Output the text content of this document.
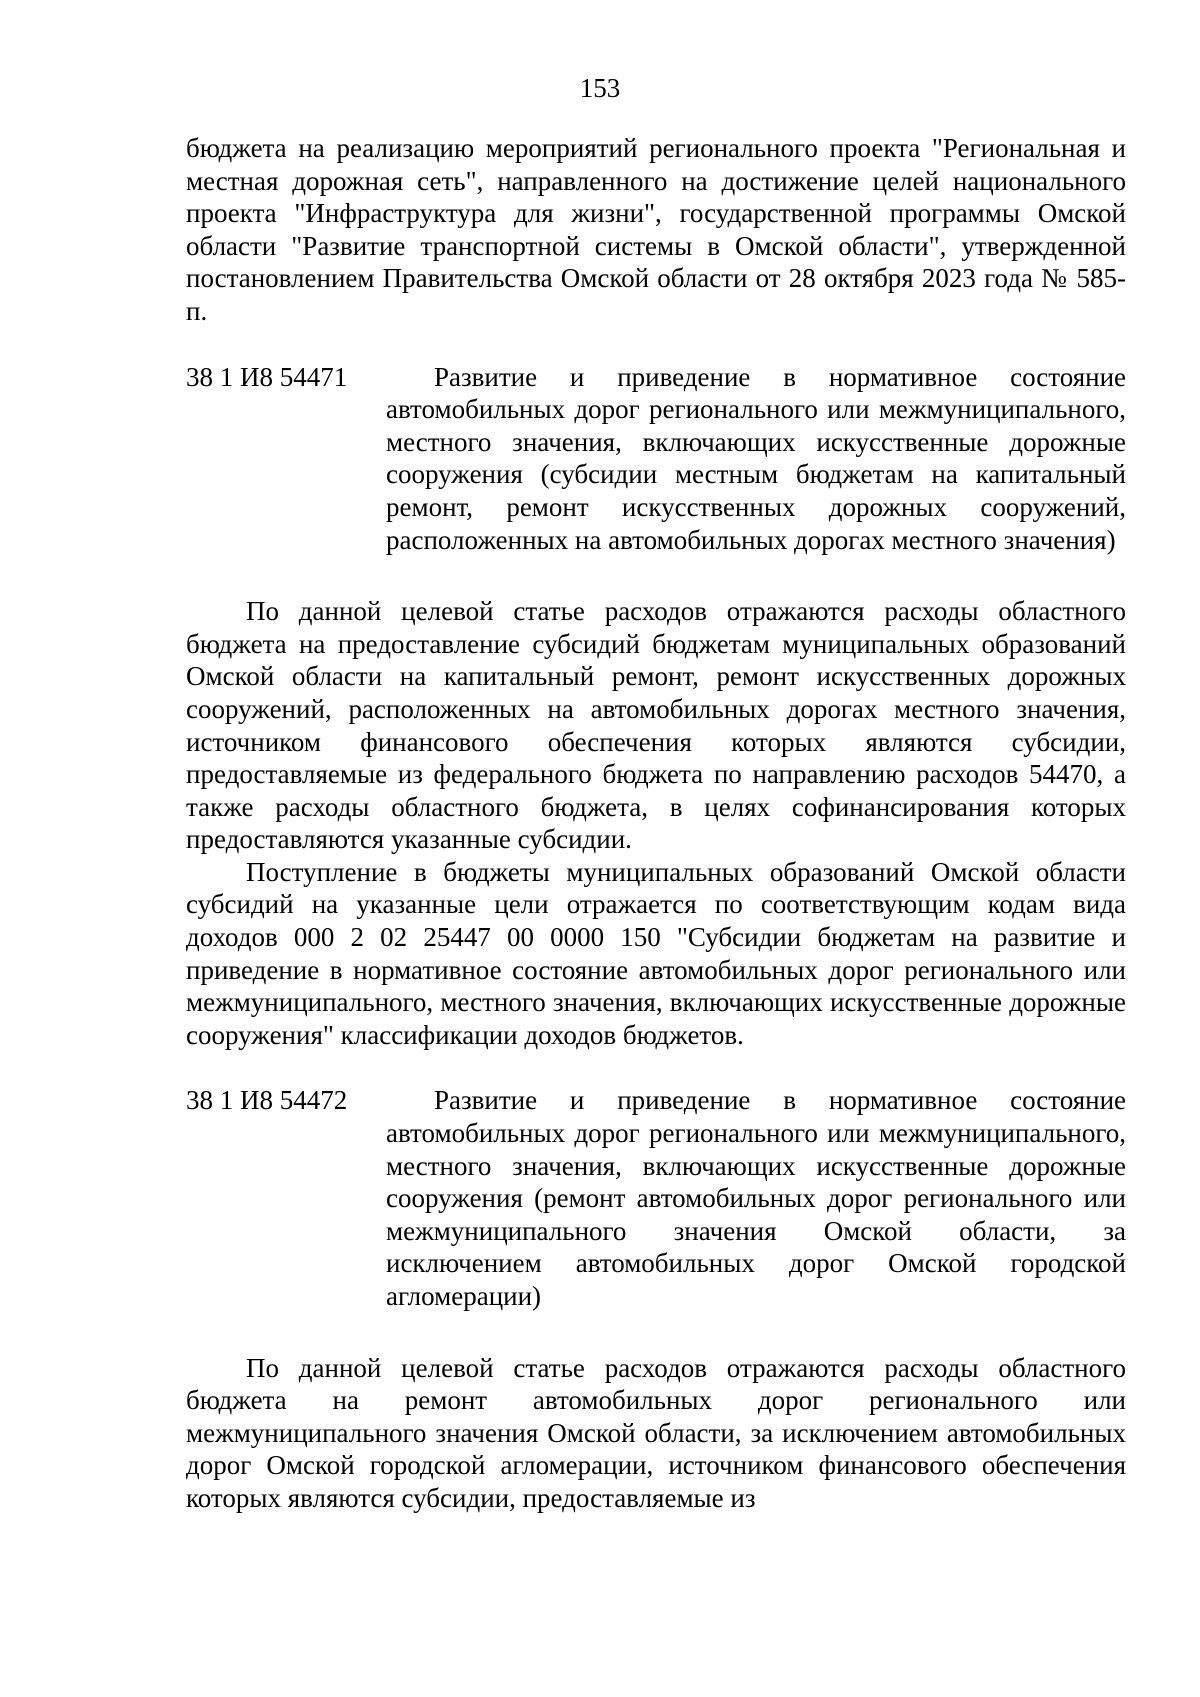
153

бюджета на реализацию мероприятий регионального проекта "Региональная и местная дорожная сеть", направленного на достижение целей национального проекта "Инфраструктура для жизни", государственной программы Омской области "Развитие транспортной системы в Омской области", утвержденной постановлением Правительства Омской области от 28 октября 2023 года № 585-п.

38 1 И8 54471	Развитие и приведение в нормативное состояние автомобильных дорог регионального или межмуниципального, местного значения, включающих искусственные дорожные сооружения (субсидии местным бюджетам на капитальный ремонт, ремонт искусственных дорожных сооружений, расположенных на автомобильных дорогах местного значения)

По данной целевой статье расходов отражаются расходы областного бюджета на предоставление субсидий бюджетам муниципальных образований Омской области на капитальный ремонт, ремонт искусственных дорожных сооружений, расположенных на автомобильных дорогах местного значения, источником финансового обеспечения которых являются субсидии, предоставляемые из федерального бюджета по направлению расходов 54470, а также расходы областного бюджета, в целях софинансирования которых предоставляются указанные субсидии.

Поступление в бюджеты муниципальных образований Омской области субсидий на указанные цели отражается по соответствующим кодам вида доходов 000 2 02 25447 00 0000 150 "Субсидии бюджетам на развитие и приведение в нормативное состояние автомобильных дорог регионального или межмуниципального, местного значения, включающих искусственные дорожные сооружения" классификации доходов бюджетов.

38 1 И8 54472	Развитие и приведение в нормативное состояние автомобильных дорог регионального или межмуниципального, местного значения, включающих искусственные дорожные сооружения (ремонт автомобильных дорог регионального или межмуниципального значения Омской области, за исключением автомобильных дорог Омской городской агломерации)

По данной целевой статье расходов отражаются расходы областного бюджета на ремонт автомобильных дорог регионального или межмуниципального значения Омской области, за исключением автомобильных дорог Омской городской агломерации, источником финансового обеспечения которых являются субсидии, предоставляемые из
